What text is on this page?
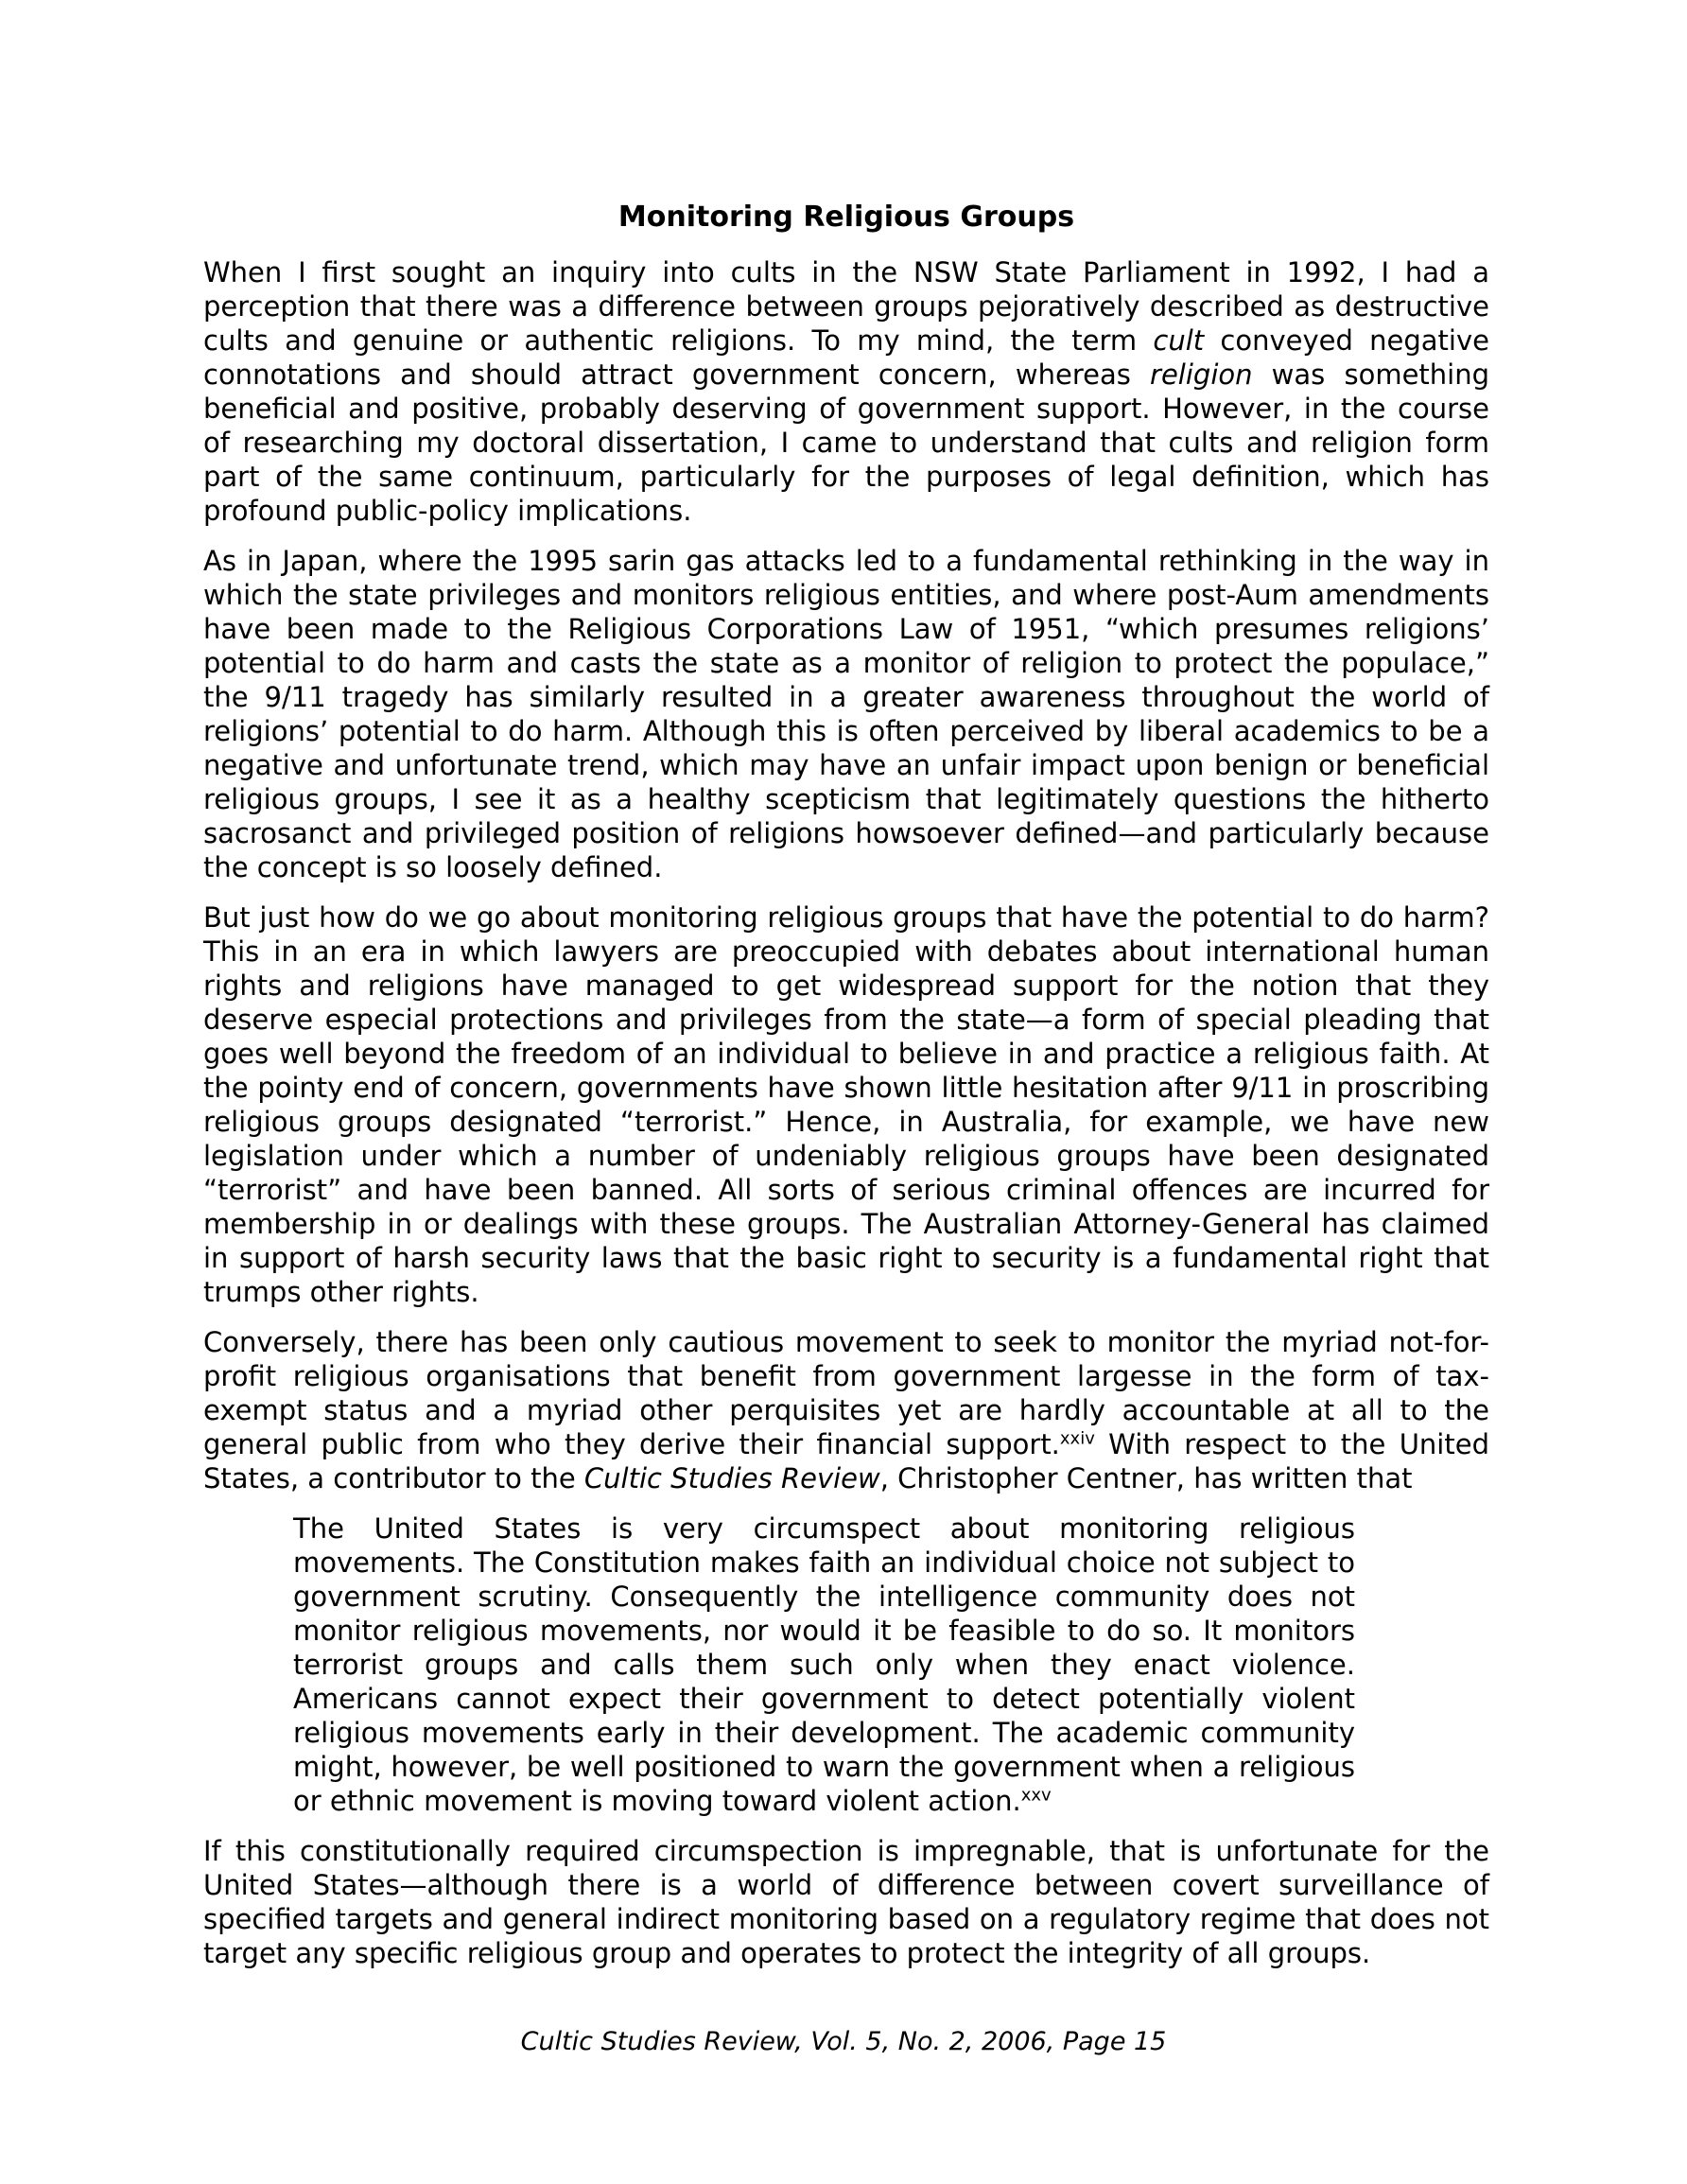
Monitoring Religious Groups

When I first sought an inquiry into cults in the NSW State Parliament in 1992, I had a perception that there was a difference between groups pejoratively described as destructive cults and genuine or authentic religions. To my mind, the term cult conveyed negative connotations and should attract government concern, whereas religion was something beneficial and positive, probably deserving of government support. However, in the course of researching my doctoral dissertation, I came to understand that cults and religion form part of the same continuum, particularly for the purposes of legal definition, which has profound public-policy implications.

As in Japan, where the 1995 sarin gas attacks led to a fundamental rethinking in the way in which the state privileges and monitors religious entities, and where post-Aum amendments have been made to the Religious Corporations Law of 1951, “which presumes religions’ potential to do harm and casts the state as a monitor of religion to protect the populace,” the 9/11 tragedy has similarly resulted in a greater awareness throughout the world of religions’ potential to do harm. Although this is often perceived by liberal academics to be a negative and unfortunate trend, which may have an unfair impact upon benign or beneficial religious groups, I see it as a healthy scepticism that legitimately questions the hitherto sacrosanct and privileged position of religions howsoever defined—and particularly because the concept is so loosely defined.

But just how do we go about monitoring religious groups that have the potential to do harm? This in an era in which lawyers are preoccupied with debates about international human rights and religions have managed to get widespread support for the notion that they deserve especial protections and privileges from the state—a form of special pleading that goes well beyond the freedom of an individual to believe in and practice a religious faith. At the pointy end of concern, governments have shown little hesitation after 9/11 in proscribing religious groups designated “terrorist.” Hence, in Australia, for example, we have new legislation under which a number of undeniably religious groups have been designated “terrorist” and have been banned. All sorts of serious criminal offences are incurred for membership in or dealings with these groups. The Australian Attorney-General has claimed in support of harsh security laws that the basic right to security is a fundamental right that trumps other rights.

Conversely, there has been only cautious movement to seek to monitor the myriad not-for-profit religious organisations that benefit from government largesse in the form of tax-exempt status and a myriad other perquisites yet are hardly accountable at all to the general public from who they derive their financial support.$^{xxiv}$ With respect to the United States, a contributor to the Cultic Studies Review, Christopher Centner, has written that

The United States is very circumspect about monitoring religious movements. The Constitution makes faith an individual choice not subject to government scrutiny. Consequently the intelligence community does not monitor religious movements, nor would it be feasible to do so. It monitors terrorist groups and calls them such only when they enact violence. Americans cannot expect their government to detect potentially violent religious movements early in their development. The academic community might, however, be well positioned to warn the government when a religious or ethnic movement is moving toward violent action.$^{xxv}$

If this constitutionally required circumspection is impregnable, that is unfortunate for the United States—although there is a world of difference between covert surveillance of specified targets and general indirect monitoring based on a regulatory regime that does not target any specific religious group and operates to protect the integrity of all groups.

Cultic Studies Review, Vol. 5, No. 2, 2006, Page 15
